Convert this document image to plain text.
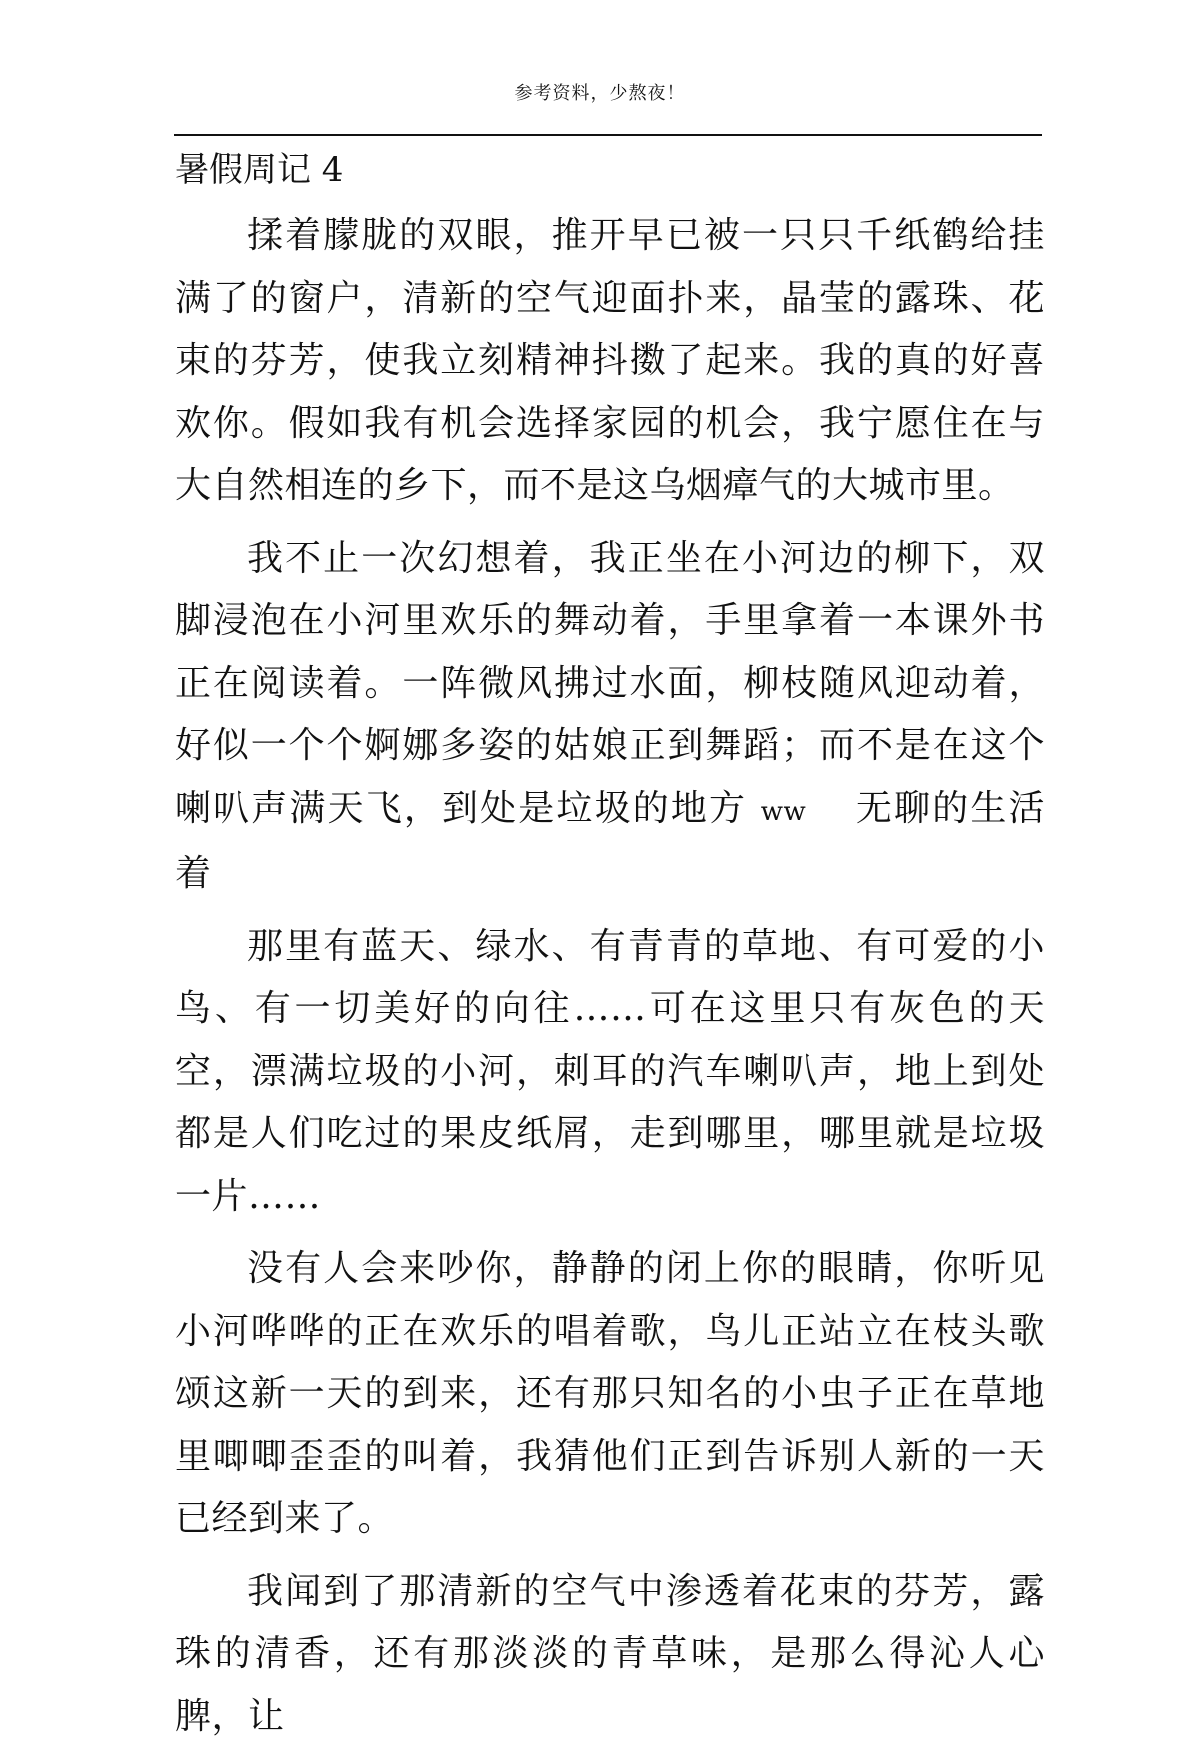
参考资料，少熬夜！
暑假周记 4

揉着朦胧的双眼，推开早已被一只只千纸鹤给挂满了的窗户，清新的空气迎面扑来，晶莹的露珠、花束的芬芳，使我立刻精神抖擞了起来。我的真的好喜欢你。假如我有机会选择家园的机会，我宁愿住在与大自然相连的乡下，而不是这乌烟瘴气的大城市里。

我不止一次幻想着，我正坐在小河边的柳下，双脚浸泡在小河里欢乐的舞动着，手里拿着一本课外书正在阅读着。一阵微风拂过水面，柳枝随风迎动着，好似一个个婀娜多姿的姑娘正到舞蹈；而不是在这个喇叭声满天飞，到处是垃圾的地方 ww 无聊的生活着

那里有蓝天、绿水、有青青的草地、有可爱的小鸟、有一切美好的向往……可在这里只有灰色的天空，漂满垃圾的小河，刺耳的汽车喇叭声，地上到处都是人们吃过的果皮纸屑，走到哪里，哪里就是垃圾一片……

没有人会来吵你，静静的闭上你的眼睛，你听见小河哗哗的正在欢乐的唱着歌，鸟儿正站立在枝头歌颂这新一天的到来，还有那只知名的小虫子正在草地里唧唧歪歪的叫着，我猜他们正到告诉别人新的一天已经到来了。

我闻到了那清新的空气中渗透着花束的芬芳，露珠的清香，还有那淡淡的青草味，是那么得沁人心脾，让
